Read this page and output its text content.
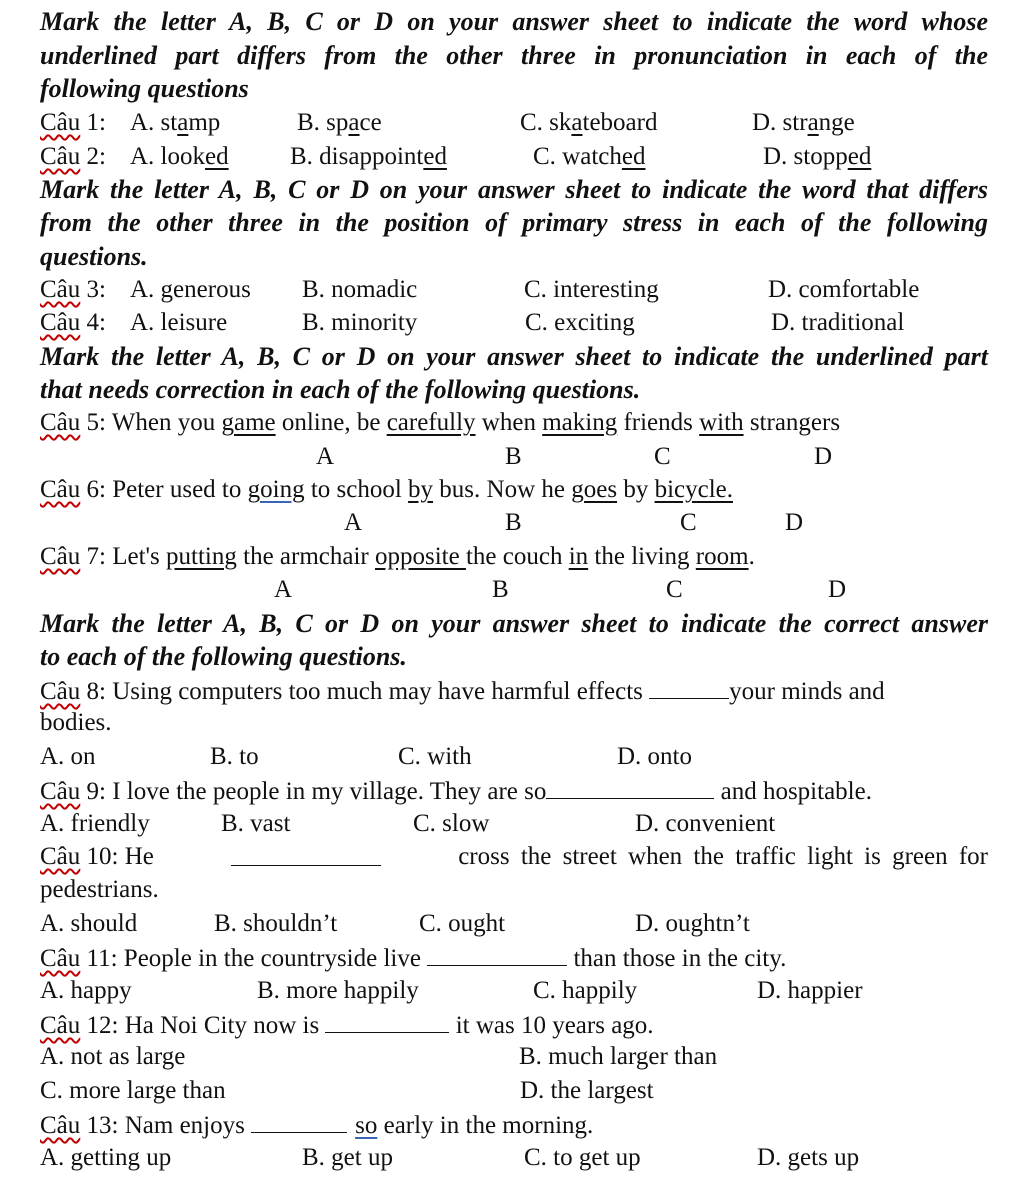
Mark the letter A, B, C or D on your answer sheet to indicate the word whose
underlined part differs from the other three in pronunciation in each of the
following questions
Câu 1: A. stamp	B. space	C. skateboard	D. strange
Câu 2: A. looked B. disappointed	C. watched	D. stopped
Mark the letter A, B, C or D on your answer sheet to indicate the word that differs
from the other three in the position of primary stress in each of the following
questions.
Câu 3: A. generous B. nomadic	C. interesting	D. comfortable
Câu 4: A. leisure	B. minority	C. exciting	D. traditional
Mark the letter A, B, C or D on your answer sheet to indicate the underlined part
that needs correction in each of the following questions.
Câu 5: When you game online, be carefully when making friends with strangers
A	B	C	D
Câu 6: Peter used to going to school by bus. Now he goes by bicycle.
A	B	C	D
Câu 7: Let's putting the armchair opposite the couch in the living room.
A	B	C	D
Mark the letter A, B, C or D on your answer sheet to indicate the correct answer
to each of the following questions.
Câu 8: Using computers too much may have harmful effects	your minds and
bodies.
A. on	B. to	C. with	D. onto
Câu 9: I love the people in my village. They are so	and hospitable.
A. friendly	B. vast	C. slow	D. convenient
Câu 10: He	cross the street when the traffic light is green for
pedestrians.
A. should	B. shouldn’t	C. ought	D. oughtn’t
Câu 11: People in the countryside live	than those in the city.
A. happy	B. more happily	C. happily	D. happier
Câu 12: Ha Noi City now is	it was 10 years ago.
A. not as large	B. much larger than
C. more large than	D. the largest
Câu 13: Nam enjoys	so early in the morning.
A. getting up	B. get up	C. to get up	D. gets up
